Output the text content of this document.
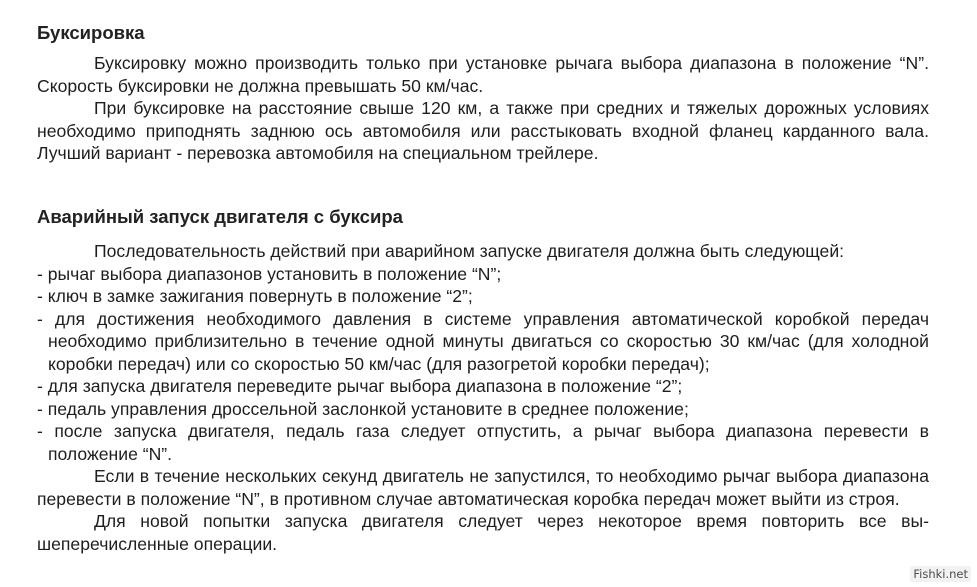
Буксировка

Буксировку можно производить только при установке рычага выбора диапазона в положение “N”. Скорость буксировки не должна превышать 50 км/час.

При буксировке на расстояние свыше 120 км, а также при средних и тяжелых дорожных условиях необходимо приподнять заднюю ось автомобиля или расстыковать входной фланец карданного вала. Лучший вариант - перевозка автомобиля на специальном трейлере.

Аварийный запуск двигателя с буксира

Последовательность действий при аварийном запуске двигателя должна быть следующей:

- рычаг выбора диапазонов установить в положение “N”;
- ключ в замке зажигания повернуть в положение “2”;
- для достижения необходимого давления в системе управления автоматической коробкой передач необходимо приблизительно в течение одной минуты двигаться со скоростью 30 км/час (для холодной коробки передач) или со скоростью 50 км/час (для разогретой коробки передач);
- для запуска двигателя переведите рычаг выбора диапазона в положение “2”;
- педаль управления дроссельной заслонкой установите в среднее положение;
- после запуска двигателя, педаль газа следует отпустить, а рычаг выбора диапазона перевести в положение “N”.

Если в течение нескольких секунд двигатель не запустился, то необходимо рычаг выбора диапазона перевести в положение “N”, в противном случае автоматическая коробка передач может выйти из строя.

Для новой попытки запуска двигателя следует через некоторое время повторить все вышеперечисленные операции.

Fishki.net
